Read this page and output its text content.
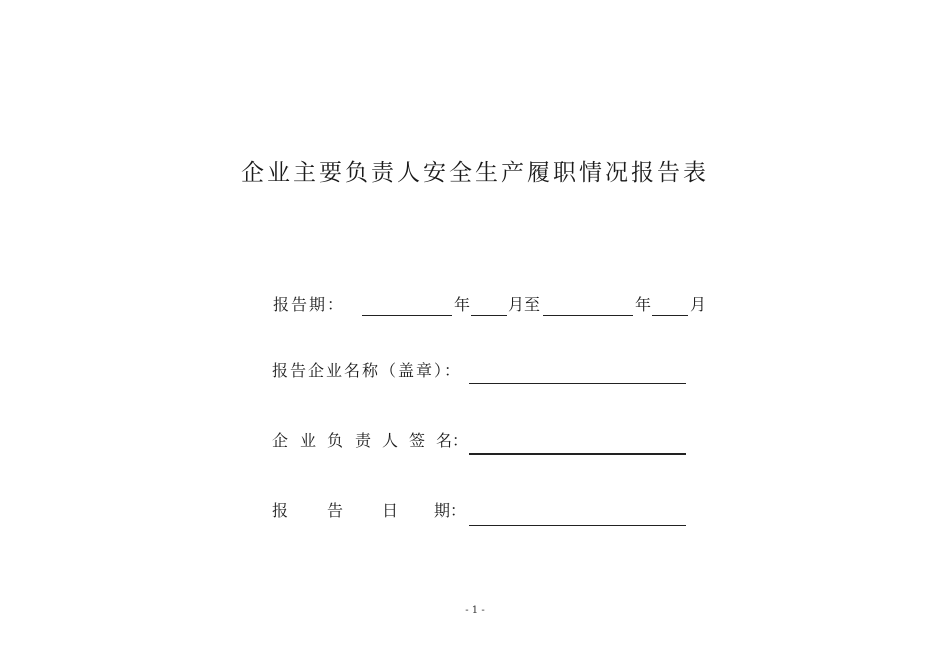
企业主要负责人安全生产履职情况报告表
报告期：	年 月至	年 月
报告企业名称（盖章）：
企 业 负 责 人 签 名：
报 告 日 期：
- 1 -
